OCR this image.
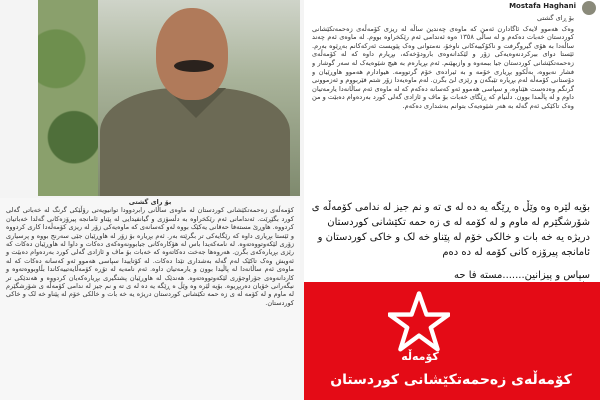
بۆ رای گشتی

کۆمەڵەی زەحمەتکێشانی کوردستان لە ماوەی ساڵانی رابردوودا توانیویەتی رۆڵێکی گرنگ لە خەباتی گەلی کورد بگێڕێت. ئەندامانی ئەم رێکخراوە بە دڵسۆزی و گیانفیدایی لە پێناو ئامانجە پیرۆزەکانی گەلدا خەباتیان کردووە. هاوڕێ مستەفا حەقانی یەکێک بووە لەو کەسانەی کە ماوەیەکی زۆر لە ریزی کۆمەڵەدا کاری کردووە و ئێستا بڕیاری داوە کە رێگایەکی تر بگرێتە بەر. ئەم بڕیارە بۆ زۆر لە هاوڕێیان جێی سەرنج بووە و پرسیاری زۆری لێکەوتووەتەوە. لە نامەکەیدا باس لە هۆکارەکانی جیابوونەوەکەی دەکات و داوا لە هاوڕێیان دەکات کە رێزی بڕیارەکەی بگرن. هەروەها جەخت دەکاتەوە کە خەبات بۆ ماف و ئازادی گەلی کورد بەردەوام دەبێت و ئەویش وەک تاکێک لەم گەلە بەشداری تێدا دەکات. لە کۆتاییدا سپاسی هەموو ئەو کەسانە دەکات کە لە ماوەی ئەم ساڵانەدا لە پاڵیدا بوون و یارمەتیان داوە. ئەم نامەیە لە تۆڕە کۆمەڵایەتییەکاندا بڵاوبووەتەوە و کاردانەوەی جۆراوجۆری لێکەوتووەتەوە. هەندێک لە هاوڕێیان پشتگیری بڕیارەکەیان کردووە و هەندێکی تر نیگەرانی خۆیان دەربڕیوە. بۆیە لێرە وە وێڵ ە ڕێگە یە دە لە ی تە و نم جیز لە ندامی کۆمەڵە ی شۆرشگێرم لە ماوم و لە کۆمە لە ی زە حمە تکێشانی کوردستان دریژە یە خە بات و خالکی خۆم لە پێناو خە لک و خاکی کوردستان.

Mostafa Haghani

بۆ ڕای گشتی

وەک هەموو لایەک ئاگادارن ئەمن کە ماوەی چەندین ساڵە لە ریزی کۆمەڵەی زەحمەتکێشانی کوردستان خەبات دەکەم و لە ساڵی ١٣٥٨ ەوە ئەندامی ئەم رێکخراوە بووم. لە ماوەی ئەم چەند ساڵەدا بە هۆی گیروگرفت و ناکۆکییەکانی ناوخۆ، نەمتوانی وەک پێویست ئەرکەکانم بەڕێوە بەرم. ئێستا دوای بیرکردنەوەیەکی زۆر و لێکدانەوەی بارودۆخەکە، بڕیارم داوە کە لە کۆمەڵەی زەحمەتکێشانی کوردستان جیا ببمەوە و وازبهێنم. ئەم بڕیارەم بە هیچ شێوەیەک لە سەر گوشار و فشار نەبووە، بەڵکوو بڕیاری خۆمە و بە ئیرادەی خۆم گرتوومە. هیوادارم هەموو هاوڕێیان و دۆستانی کۆمەڵە لەم بڕیارە تێبگەن و رێزی لێ بگرن. لەم ماوەیەدا زۆر شتم فێربووم و ئەزموونی گرنگم وەدەست هێناوە، و سپاسی هەموو ئەو کەسانە دەکەم کە لە ماوەی ئەم ساڵانەدا یارمەتیان داوم و لە پاڵمدا بوون. دڵنیام کە ڕێگای خەبات بۆ ماف و ئازادی گەلی کورد بەردەوام دەبێت و من وەک تاکێکی ئەم گەلە بە هەر شێوەیەک بتوانم بەشداری دەکەم.

بۆیە لێرە وە وێڵ ە ڕێگە یە دە لە ی تە و نم جیز لە ندامی کۆمەڵە ی شۆرشگێرم لە ماوم و لە کۆمە لە ی زە حمە تکێشانی کوردستان دریژە یە خە بات و خالکی خۆم لە پێناو خە لک و خاکی کوردستان و ئامانجە پیرۆزە کانی کۆمە لە دە دەم

سپاس و پیزانین.......مستە فا حە
کۆمەڵە
کۆمەڵەی زەحمەتکێشانی کوردستان
